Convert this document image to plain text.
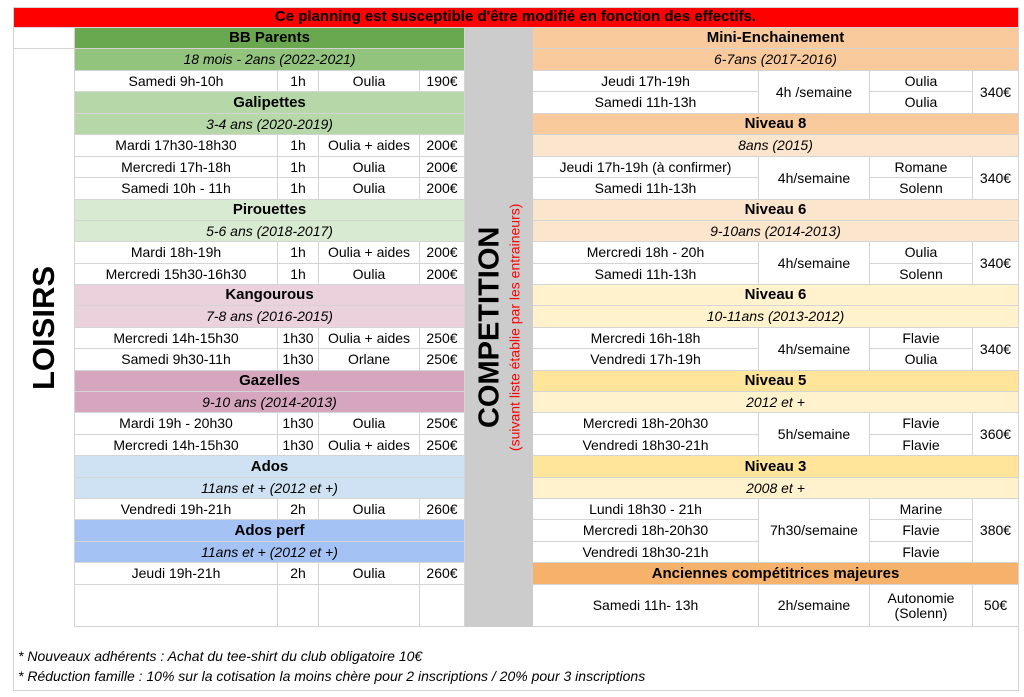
Ce planning est susceptible d'être modifié en fonction des effectifs.
LOISIRS	COMPETITION (suivant liste établie par les entraineurs)
BB Parents
18 mois - 2ans (2022-2021)
Samedi 9h-10h	1h	Oulia	190€
Galipettes
3-4 ans (2020-2019)
Mardi 17h30-18h30	1h	Oulia + aides	200€
Mercredi 17h-18h	1h	Oulia	200€
Samedi 10h - 11h	1h	Oulia	200€
Pirouettes
5-6 ans (2018-2017)
Mardi 18h-19h	1h	Oulia + aides	200€
Mercredi 15h30-16h30	1h	Oulia	200€
Kangourous
7-8 ans (2016-2015)
Mercredi 14h-15h30	1h30	Oulia + aides	250€
Samedi 9h30-11h	1h30	Orlane	250€
Gazelles
9-10 ans (2014-2013)
Mardi 19h - 20h30	1h30	Oulia	250€
Mercredi 14h-15h30	1h30	Oulia + aides	250€
Ados
11ans et + (2012 et +)
Vendredi 19h-21h	2h	Oulia	260€
Ados perf
11ans et + (2012 et +)
Jeudi 19h-21h	2h	Oulia	260€
Mini-Enchainement
6-7ans (2017-2016)
Jeudi 17h-19h	Oulia
Samedi 11h-13h	Oulia
4h /semaine	340€
Niveau 8
8ans (2015)
Jeudi 17h-19h (à confirmer)	Romane
Samedi 11h-13h	Solenn
4h/semaine	340€
Niveau 6
9-10ans (2014-2013)
Mercredi 18h - 20h	Oulia
Samedi 11h-13h	Solenn
4h/semaine	340€
Niveau 6
10-11ans (2013-2012)
Mercredi 16h-18h	Flavie
Vendredi 17h-19h	Oulia
4h/semaine	340€
Niveau 5
2012 et +
Mercredi 18h-20h30	Flavie
Vendredi 18h30-21h	Flavie
5h/semaine	360€
Niveau 3
2008 et +
Lundi 18h30 - 21h	Marine
Mercredi 18h-20h30	Flavie
Vendredi 18h30-21h	Flavie
7h30/semaine	380€
Anciennes compétitrices majeures
Samedi 11h- 13h	Autonomie
(Solenn)
2h/semaine	50€
* Nouveaux adhérents : Achat du tee-shirt du club obligatoire 10€
* Réduction famille : 10% sur la cotisation la moins chère pour 2 inscriptions / 20% pour 3 inscriptions
